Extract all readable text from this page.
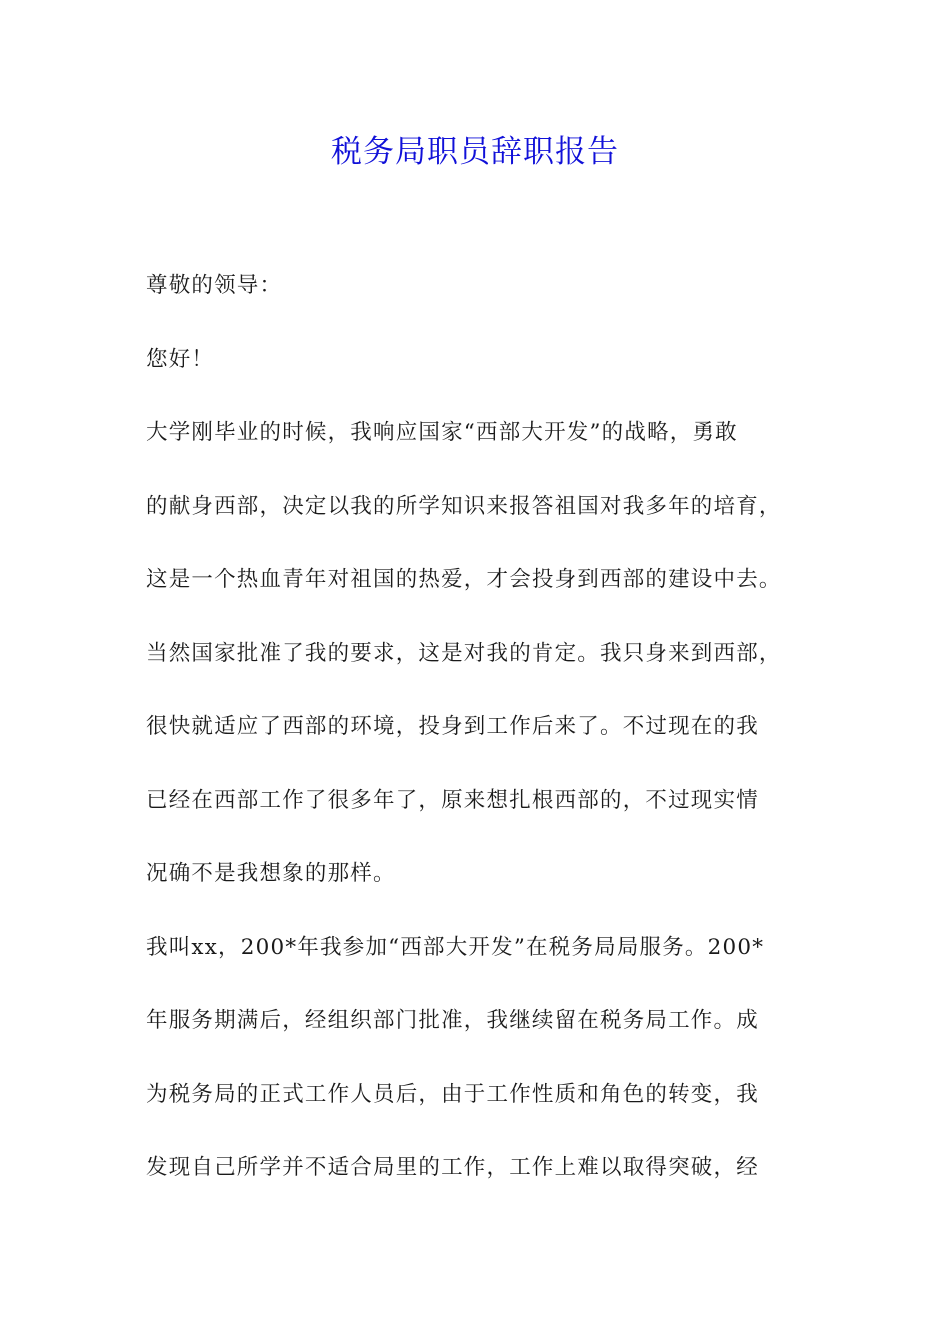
税务局职员辞职报告
尊敬的领导：
您好！
大学刚毕业的时候，我响应国家“西部大开发”的战略，勇敢
的献身西部，决定以我的所学知识来报答祖国对我多年的培育，
这是一个热血青年对祖国的热爱，才会投身到西部的建设中去。
当然国家批准了我的要求，这是对我的肯定。我只身来到西部，
很快就适应了西部的环境，投身到工作后来了。不过现在的我
已经在西部工作了很多年了，原来想扎根西部的，不过现实情
况确不是我想象的那样。
我叫xx，200*年我参加“西部大开发”在税务局局服务。200*
年服务期满后，经组织部门批准，我继续留在税务局工作。成
为税务局的正式工作人员后，由于工作性质和角色的转变，我
发现自己所学并不适合局里的工作，工作上难以取得突破，经
